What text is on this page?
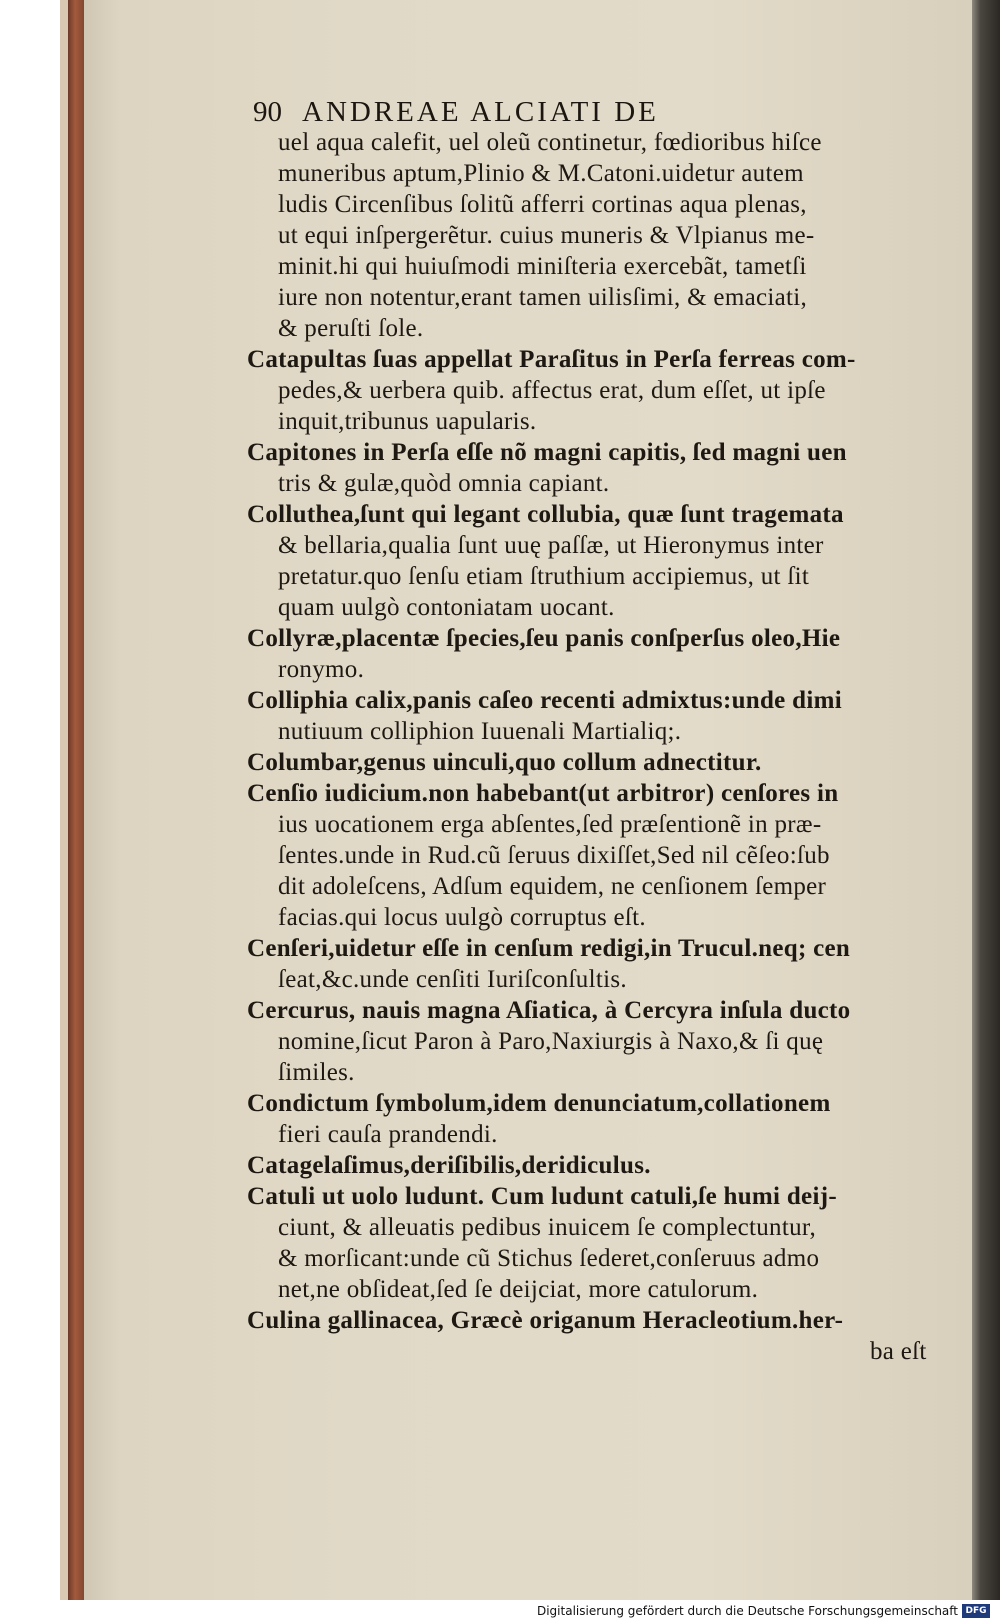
90 ANDREAE ALCIATI DE
uel aqua calefit, uel oleũ continetur, fœdioribus hiſce
muneribus aptum,Plinio & M.Catoni.uidetur autem
ludis Circenſibus ſolitũ afferri cortinas aqua plenas,
ut equi inſpergerẽtur. cuius muneris & Vlpianus me-
minit.hi qui huiuſmodi miniſteria exercebãt, tametſi
iure non notentur,erant tamen uilisſimi, & emaciati,
& peruſti ſole.
Catapultas ſuas appellat Paraſitus in Perſa ferreas com-
pedes,& uerbera quib. affectus erat, dum eſſet, ut ipſe
inquit,tribunus uapularis.
Capitones in Perſa eſſe nõ magni capitis, ſed magni uen
tris & gulæ,quòd omnia capiant.
Colluthea,ſunt qui legant collubia, quæ ſunt tragemata
& bellaria,qualia ſunt uuę paſſæ, ut Hieronymus inter
pretatur.quo ſenſu etiam ſtruthium accipiemus, ut ſit
quam uulgò contoniatam uocant.
Collyræ,placentæ ſpecies,ſeu panis conſperſus oleo,Hie
ronymo.
Colliphia calix,panis caſeo recenti admixtus:unde dimi
nutiuum colliphion Iuuenali Martialiq;.
Columbar,genus uinculi,quo collum adnectitur.
Cenſio iudicium.non habebant(ut arbitror) cenſores in
ius uocationem erga abſentes,ſed præſentionẽ in præ-
ſentes.unde in Rud.cũ ſeruus dixiſſet,Sed nil cẽſeo:ſub
dit adoleſcens, Adſum equidem, ne cenſionem ſemper
facias.qui locus uulgò corruptus eſt.
Cenſeri,uidetur eſſe in cenſum redigi,in Trucul.neq; cen
ſeat,&c.unde cenſiti Iuriſconſultis.
Cercurus, nauis magna Aſiatica, à Cercyra inſula ducto
nomine,ſicut Paron à Paro,Naxiurgis à Naxo,& ſi quę
ſimiles.
Condictum ſymbolum,idem denunciatum,collationem
fieri cauſa prandendi.
Catagelaſimus,deriſibilis,deridiculus.
Catuli ut uolo ludunt. Cum ludunt catuli,ſe humi deij-
ciunt, & alleuatis pedibus inuicem ſe complectuntur,
& morſicant:unde cũ Stichus ſederet,conſeruus admo
net,ne obſideat,ſed ſe deijciat, more catulorum.
Culina gallinacea, Græcè origanum Heracleotium.her-
ba eſt
Digitalisierung gefördert durch die Deutsche Forschungsgemeinschaft DFG
